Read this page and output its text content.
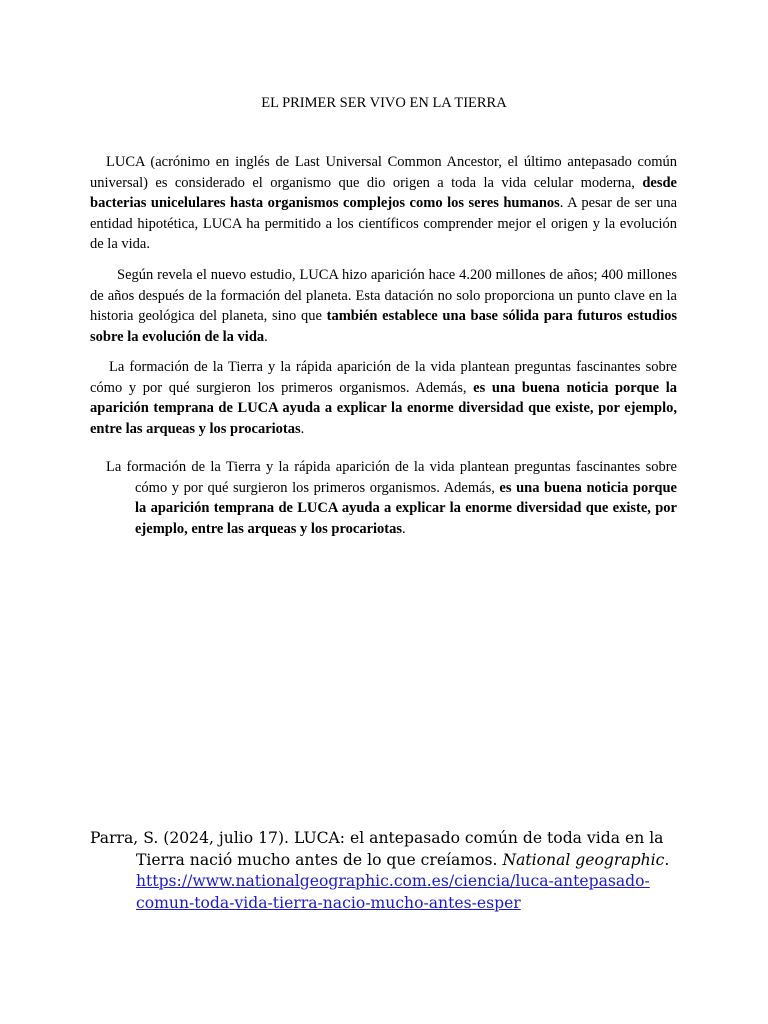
EL PRIMER SER VIVO EN LA TIERRA

LUCA (acrónimo en inglés de Last Universal Common Ancestor, el último antepasado común universal) es considerado el organismo que dio origen a toda la vida celular moderna, desde bacterias unicelulares hasta organismos complejos como los seres humanos. A pesar de ser una entidad hipotética, LUCA ha permitido a los científicos comprender mejor el origen y la evolución de la vida.

Según revela el nuevo estudio, LUCA hizo aparición hace 4.200 millones de años; 400 millones de años después de la formación del planeta. Esta datación no solo proporciona un punto clave en la historia geológica del planeta, sino que también establece una base sólida para futuros estudios sobre la evolución de la vida.

La formación de la Tierra y la rápida aparición de la vida plantean preguntas fascinantes sobre cómo y por qué surgieron los primeros organismos. Además, es una buena noticia porque la aparición temprana de LUCA ayuda a explicar la enorme diversidad que existe, por ejemplo, entre las arqueas y los procariotas.

La formación de la Tierra y la rápida aparición de la vida plantean preguntas fascinantes sobre cómo y por qué surgieron los primeros organismos. Además, es una buena noticia porque la aparición temprana de LUCA ayuda a explicar la enorme diversidad que existe, por ejemplo, entre las arqueas y los procariotas.

Parra, S. (2024, julio 17). LUCA: el antepasado común de toda vida en la
Tierra nació mucho antes de lo que creíamos. National geographic.
https://www.nationalgeographic.com.es/ciencia/luca-antepasado-
comun-toda-vida-tierra-nacio-mucho-antes-esper
